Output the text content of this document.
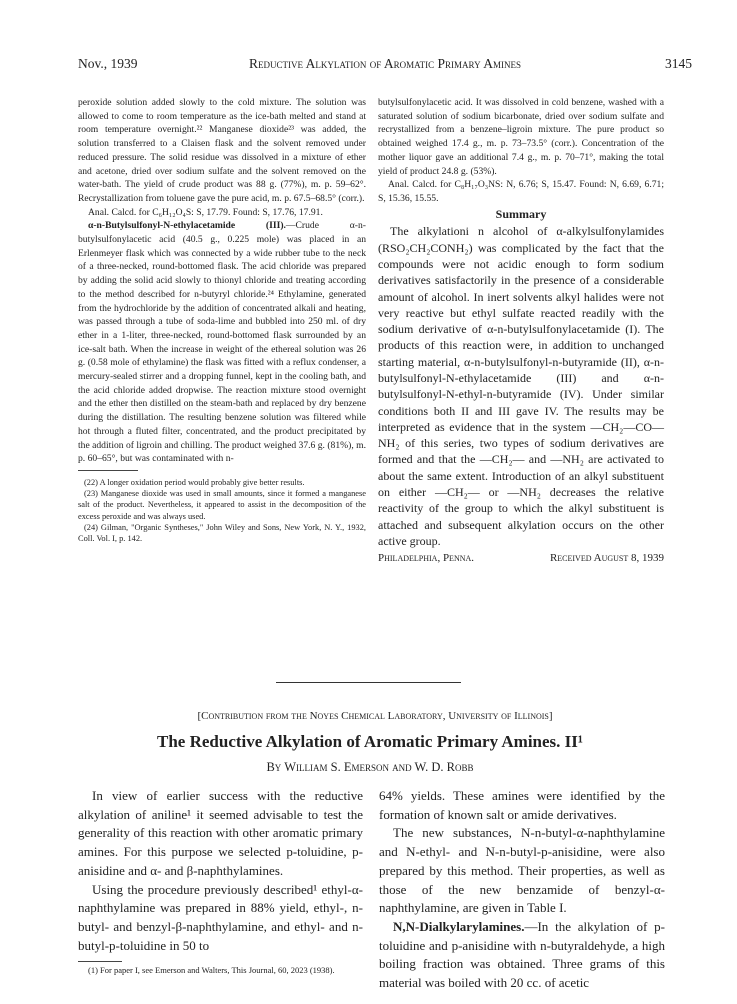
Nov., 1939	Reductive Alkylation of Aromatic Primary Amines	3145

peroxide solution added slowly to the cold mixture. The solution was allowed to come to room temperature as the ice-bath melted and stand at room temperature overnight.²² Manganese dioxide²³ was added, the solution transferred to a Claisen flask and the solvent removed under reduced pressure. The solid residue was dissolved in a mixture of ether and acetone, dried over sodium sulfate and the solvent removed on the water-bath. The yield of crude product was 88 g. (77%), m. p. 59–62°. Recrystallization from toluene gave the pure acid, m. p. 67.5–68.5° (corr.).

Anal. Calcd. for C₆H₁₂O₄S: S, 17.79. Found: S, 17.76, 17.91.

α-n-Butylsulfonyl-N-ethylacetamide (III).—Crude α-n-butylsulfonylacetic acid (40.5 g., 0.225 mole) was placed in an Erlenmeyer flask which was connected by a wide rubber tube to the neck of a three-necked, round-bottomed flask. The acid chloride was prepared by adding the solid acid slowly to thionyl chloride and treating according to the method described for n-butyryl chloride.²⁴ Ethylamine, generated from the hydrochloride by the addition of concentrated alkali and heating, was passed through a tube of soda-lime and bubbled into 250 ml. of dry ether in a 1-liter, three-necked, round-bottomed flask surrounded by an ice-salt bath. When the increase in weight of the ethereal solution was 26 g. (0.58 mole of ethylamine) the flask was fitted with a reflux condenser, a mercury-sealed stirrer and a dropping funnel, kept in the cooling bath, and the acid chloride added dropwise. The reaction mixture stood overnight and the ether then distilled on the steam-bath and replaced by dry benzene during the distillation. The resulting benzene solution was filtered while hot through a fluted filter, concentrated, and the product precipitated by the addition of ligroin and chilling. The product weighed 37.6 g. (81%), m. p. 60–65°, but was contaminated with n-

(22) A longer oxidation period would probably give better results.

(23) Manganese dioxide was used in small amounts, since it formed a manganese salt of the product. Nevertheless, it appeared to assist in the decomposition of the excess peroxide and was always used.

(24) Gilman, "Organic Syntheses," John Wiley and Sons, New York, N. Y., 1932, Coll. Vol. I, p. 142.

butylsulfonylacetic acid. It was dissolved in cold benzene, washed with a saturated solution of sodium bicarbonate, dried over sodium sulfate and recrystallized from a benzene–ligroin mixture. The pure product so obtained weighed 17.4 g., m. p. 73–73.5° (corr.). Concentration of the mother liquor gave an additional 7.4 g., m. p. 70–71°, making the total yield of product 24.8 g. (53%).

Anal. Calcd. for C₈H₁₇O₃NS: N, 6.76; S, 15.47. Found: N, 6.69, 6.71; S, 15.36, 15.55.

Summary

The alkylationi n alcohol of α-alkylsulfonylamides (RSO₂CH₂CONH₂) was complicated by the fact that the compounds were not acidic enough to form sodium derivatives satisfactorily in the presence of a considerable amount of alcohol. In inert solvents alkyl halides were not very reactive but ethyl sulfate reacted readily with the sodium derivative of α-n-butylsulfonylacetamide (I). The products of this reaction were, in addition to unchanged starting material, α-n-butylsulfonyl-n-butyramide (II), α-n-butylsulfonyl-N-ethylacetamide (III) and α-n-butylsulfonyl-N-ethyl-n-butyramide (IV). Under similar conditions both II and III gave IV. The results may be interpreted as evidence that in the system —CH₂—CO—NH₂ of this series, two types of sodium derivatives are formed and that the —CH₂— and —NH₂ are activated to about the same extent. Introduction of an alkyl substituent on either —CH₂— or —NH₂ decreases the relative reactivity of the group to which the alkyl substituent is attached and subsequent alkylation occurs on the other active group.

Philadelphia, Penna.	Received August 8, 1939
[Contribution from the Noyes Chemical Laboratory, University of Illinois]
The Reductive Alkylation of Aromatic Primary Amines. II¹
By William S. Emerson and W. D. Robb

In view of earlier success with the reductive alkylation of aniline¹ it seemed advisable to test the generality of this reaction with other aromatic primary amines. For this purpose we selected p-toluidine, p-anisidine and α- and β-naphthylamines.

Using the procedure previously described¹ ethyl-α-naphthylamine was prepared in 88% yield, ethyl-, n-butyl- and benzyl-β-naphthylamine, and ethyl- and n-butyl-p-toluidine in 50 to

(1) For paper I, see Emerson and Walters, This Journal, 60, 2023 (1938).

64% yields. These amines were identified by the formation of known salt or amide derivatives.

The new substances, N-n-butyl-α-naphthylamine and N-ethyl- and N-n-butyl-p-anisidine, were also prepared by this method. Their properties, as well as those of the new benzamide of benzyl-α-naphthylamine, are given in Table I.

N,N-Dialkylarylamines.—In the alkylation of p-toluidine and p-anisidine with n-butyraldehyde, a high boiling fraction was obtained. Three grams of this material was boiled with 20 cc. of acetic
